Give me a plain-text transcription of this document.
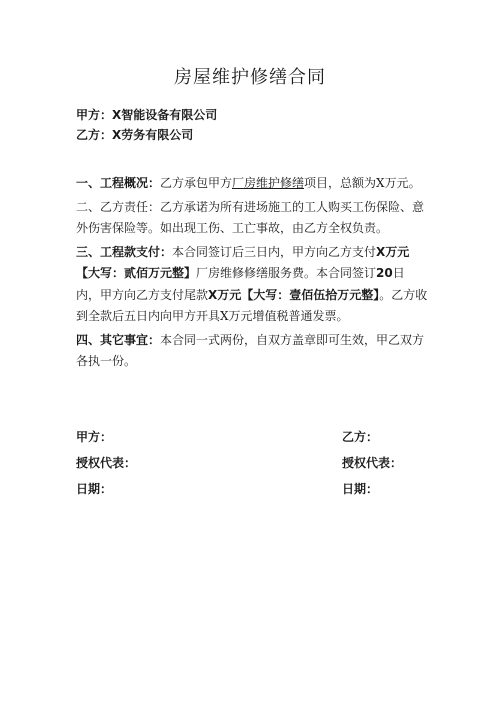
房屋维护修缮合同
甲方：X智能设备有限公司
乙方：X劳务有限公司

一、工程概况：乙方承包甲方厂房维护修缮项目，总额为X万元。

二、乙方责任：乙方承诺为所有进场施工的工人购买工伤保险、意外伤害保险等。如出现工伤、工亡事故，由乙方全权负责。

三、工程款支付：本合同签订后三日内，甲方向乙方支付X万元【大写：贰佰万元整】厂房维修修缮服务费。本合同签订20日内，甲方向乙方支付尾款X万元【大写：壹佰伍拾万元整】。乙方收到全款后五日内向甲方开具X万元增值税普通发票。

四、其它事宜：本合同一式两份，自双方盖章即可生效，甲乙双方各执一份。

甲方：
授权代表：
日期：
乙方：
授权代表：
日期：
